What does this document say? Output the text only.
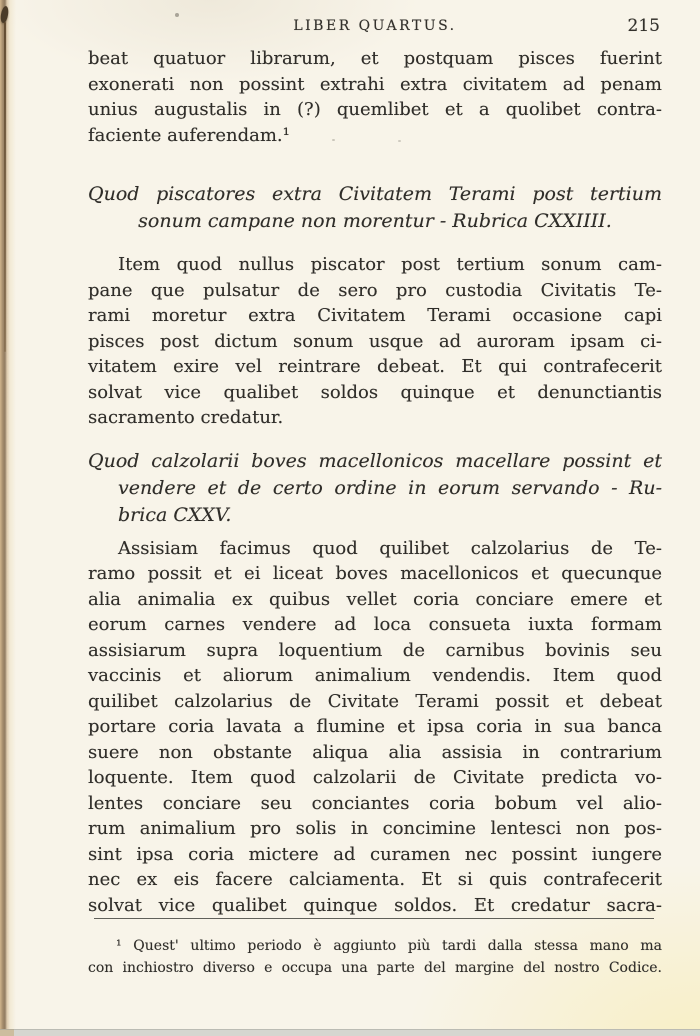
LIBER QUARTUS.	215
beat quatuor librarum, et postquam pisces fuerint
exonerati non possint extrahi extra civitatem ad penam
unius augustalis in (?) quemlibet et a quolibet contra-
faciente auferendam.¹
Quod piscatores extra Civitatem Terami post tertium
sonum campane non morentur - Rubrica CXXIIII.
Item quod nullus piscator post tertium sonum cam-
pane que pulsatur de sero pro custodia Civitatis Te-
rami moretur extra Civitatem Terami occasione capi
pisces post dictum sonum usque ad auroram ipsam ci-
vitatem exire vel reintrare debeat. Et qui contrafecerit
solvat vice qualibet soldos quinque et denunctiantis
sacramento credatur.
Quod calzolarii boves macellonicos macellare possint et
vendere et de certo ordine in eorum servando - Ru-
brica CXXV.
Assisiam facimus quod quilibet calzolarius de Te-
ramo possit et ei liceat boves macellonicos et quecunque
alia animalia ex quibus vellet coria conciare emere et
eorum carnes vendere ad loca consueta iuxta formam
assisiarum supra loquentium de carnibus bovinis seu
vaccinis et aliorum animalium vendendis. Item quod
quilibet calzolarius de Civitate Terami possit et debeat
portare coria lavata a flumine et ipsa coria in sua banca
suere non obstante aliqua alia assisia in contrarium
loquente. Item quod calzolarii de Civitate predicta vo-
lentes conciare seu conciantes coria bobum vel alio-
rum animalium pro solis in concimine lentesci non pos-
sint ipsa coria mictere ad curamen nec possint iungere
nec ex eis facere calciamenta. Et si quis contrafecerit
solvat vice qualibet quinque soldos. Et credatur sacra-
¹ Quest' ultimo periodo è aggiunto più tardi dalla stessa mano ma
con inchiostro diverso e occupa una parte del margine del nostro Codice.
